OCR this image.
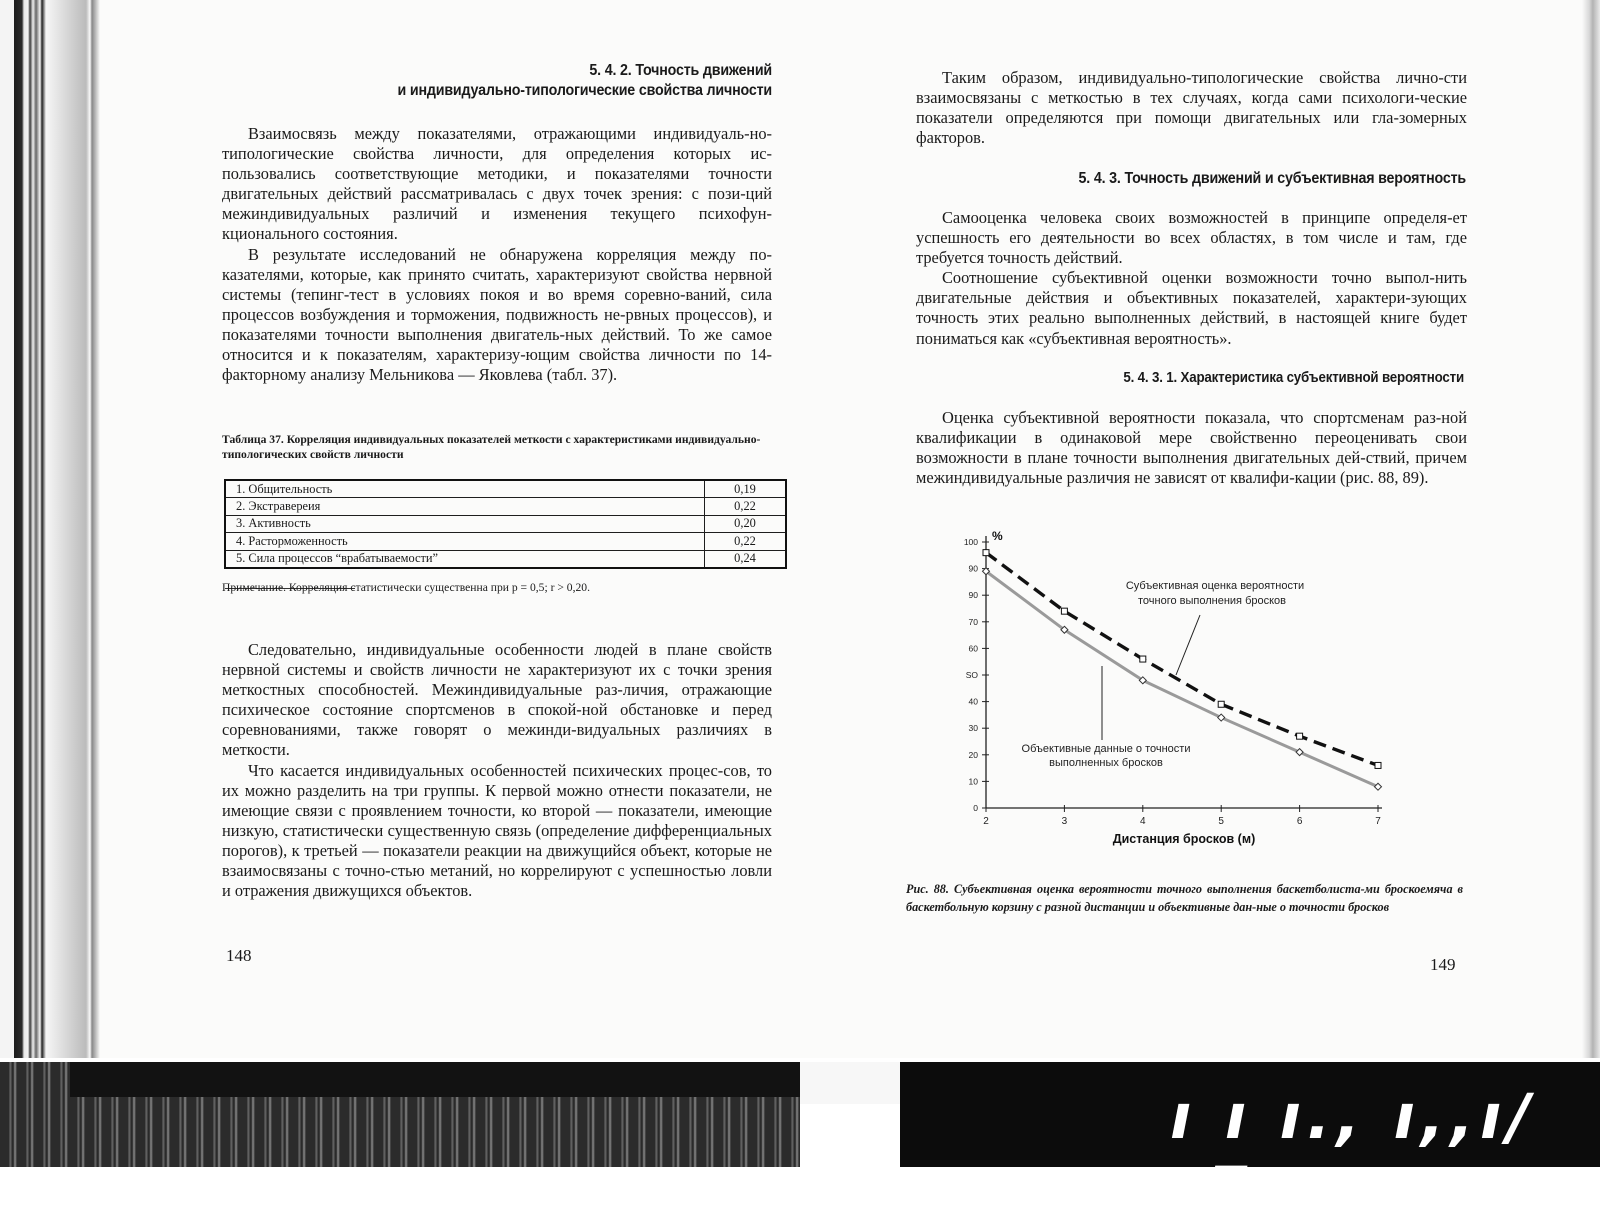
5. 4. 2. Точность движений
и индивидуально-типологические свойства личности

Взаимосвязь между показателями, отражающими индивидуаль-но-типологические свойства личности, для определения которых ис-пользовались соответствующие методики, и показателями точности двигательных действий рассматривалась с двух точек зрения: с пози-ций межиндивидуальных различий и изменения текущего психофун-кционального состояния.

В результате исследований не обнаружена корреляция между по-казателями, которые, как принято считать, характеризуют свойства нервной системы (тепинг-тест в условиях покоя и во время соревно-ваний, сила процессов возбуждения и торможения, подвижность не-рвных процессов), и показателями точности выполнения двигатель-ных действий. То же самое относится и к показателям, характеризу-ющим свойства личности по 14-факторному анализу Мельникова — Яковлева (табл. 37).

Таблица 37. Корреляция индивидуальных показателей меткости с характеристиками индивидуально-типологических свойств личности
1. Общительность	0,19
2. Экстравереия	0,22
3. Активность	0,20
4. Расторможенность	0,22
5. Сила процессов “врабатываемости”	0,24
Примечание. Корреляция статистически существенна при р = 0,5; r > 0,20.

Следовательно, индивидуальные особенности людей в плане свойств нервной системы и свойств личности не характеризуют их с точки зрения меткостных способностей. Межиндивидуальные раз-личия, отражающие психическое состояние спортсменов в спокой-ной обстановке и перед соревнованиями, также говорят о межинди-видуальных различиях в меткости.

Что касается индивидуальных особенностей психических процес-сов, то их можно разделить на три группы. К первой можно отнести показатели, не имеющие связи с проявлением точности, ко второй — показатели, имеющие низкую, статистически существенную связь (определение дифференциальных порогов), к третьей — показатели реакции на движущийся объект, которые не взаимосвязаны с точно-стью метаний, но коррелируют с успешностью ловли и отражения движущихся объектов.

148

Таким образом, индивидуально-типологические свойства лично-сти взаимосвязаны с меткостью в тех случаях, когда сами психологи-ческие показатели определяются при помощи двигательных или гла-зомерных факторов.

5. 4. 3. Точность движений и субъективная вероятность

Самооценка человека своих возможностей в принципе определя-ет успешность его деятельности во всех областях, в том числе и там, где требуется точность действий.

Соотношение субъективной оценки возможности точно выпол-нить двигательные действия и объективных показателей, характери-зующих точность этих реально выполненных действий, в настоящей книге будет пониматься как «субъективная вероятность».

5. 4. 3. 1. Характеристика субъективной вероятности

Оценка субъективной вероятности показала, что спортсменам раз-ной квалификации в одинаковой мере свойственно переоценивать свои возможности в плане точности выполнения двигательных дей-ствий, причем межиндивидуальные различия не зависят от квалифи-кации (рис. 88, 89).

0
10
20
30
40
SO
60
70
90
90
100 %
2	3	4	5	6	7
Дистанция бросков (м)
Субъективная оценка вероятности
точного выполнения бросков
Объективные данные о точности
выполненных бросков
Рис. 88. Субъективная оценка вероятности точного выполнения баскетболиста-ми броскоемяча в баскетбольную корзину с разной дистанции и объективные дан-ные о точности бросков
149
ı ı ı., ı,,ı/ıЛ
